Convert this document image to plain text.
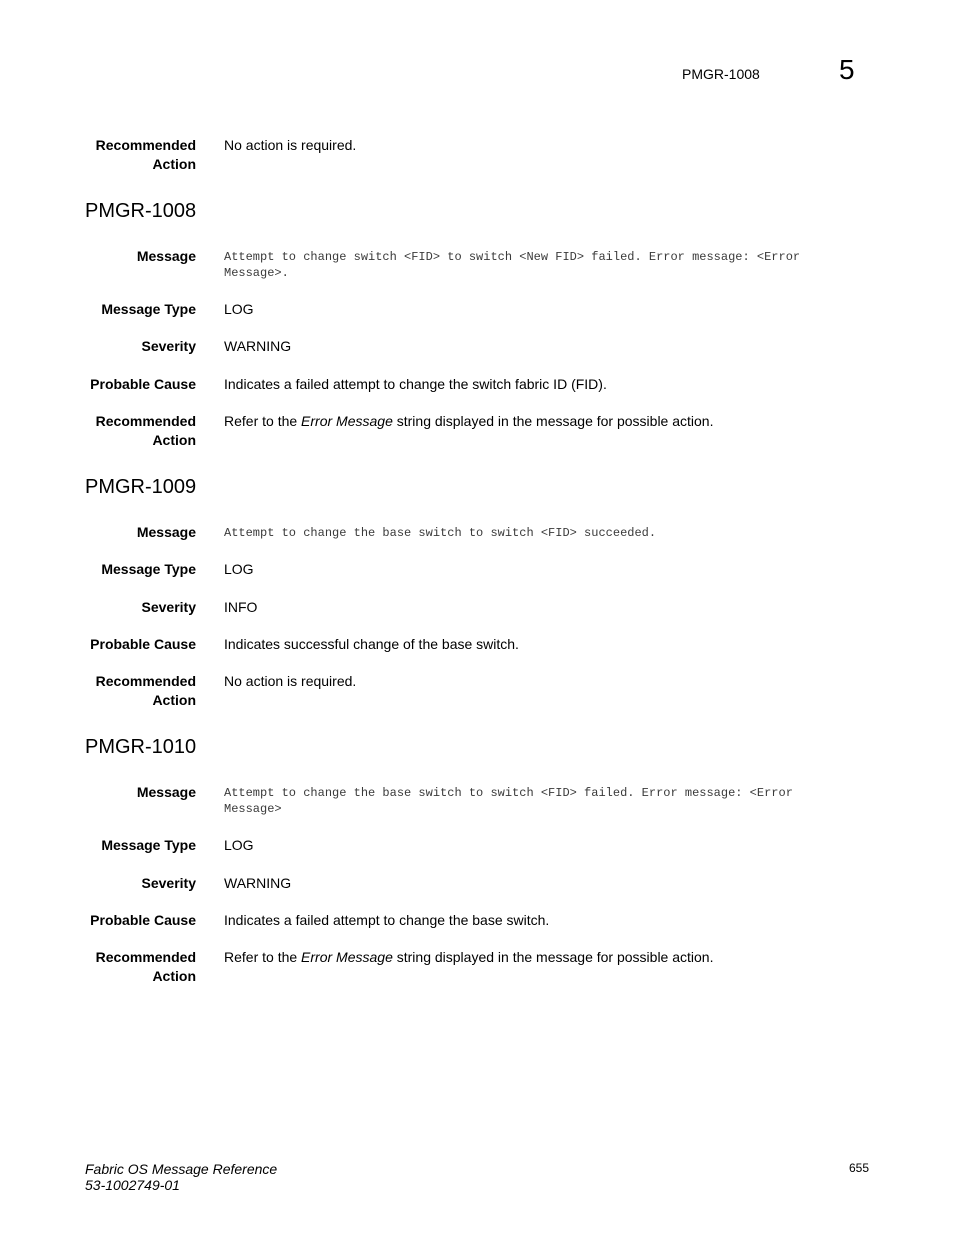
PMGR-1008	5
Recommended
Action
No action is required.
PMGR-1008
Message Attempt to change switch <FID> to switch <New FID> failed. Error message: <Error
Message>.
Message Type LOG
Severity WARNING
Probable Cause Indicates a failed attempt to change the switch fabric ID (FID).
Recommended
Action
Refer to the Error Message string displayed in the message for possible action.
PMGR-1009
Message Attempt to change the base switch to switch <FID> succeeded.
Message Type LOG
Severity INFO
Probable Cause Indicates successful change of the base switch.
Recommended
Action
No action is required.
PMGR-1010
Message Attempt to change the base switch to switch <FID> failed. Error message: <Error
Message>
Message Type LOG
Severity WARNING
Probable Cause Indicates a failed attempt to change the base switch.
Recommended
Action
Refer to the Error Message string displayed in the message for possible action.
Fabric OS Message Reference
53-1002749-01
655
